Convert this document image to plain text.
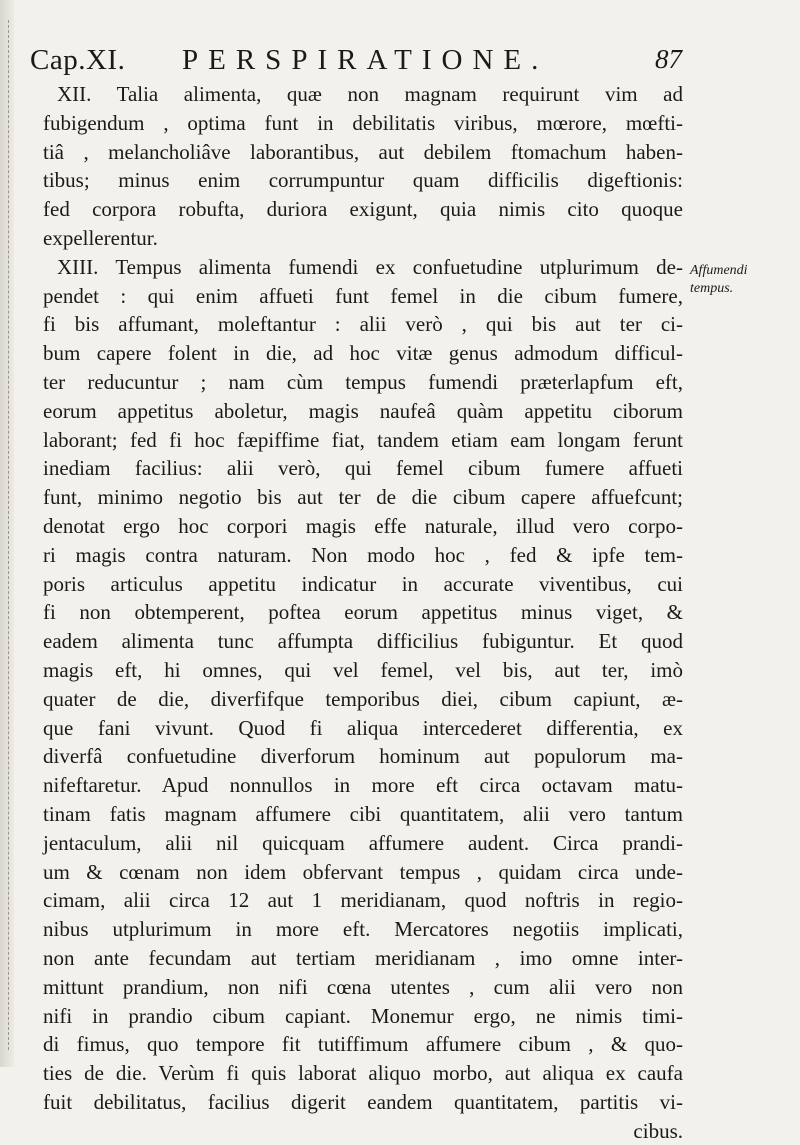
Cap.XI. PERSPIRATIONE.	87
Affumendi
tempus.
XII. Talia alimenta, quæ non magnam requirunt vim ad
fubigendum , optima funt in debilitatis viribus, mœrore, mœfti-
tiâ , melancholiâve laborantibus, aut debilem ftomachum haben-
tibus; minus enim corrumpuntur quam difficilis digeftionis:
fed corpora robufta, duriora exigunt, quia nimis cito quoque
expellerentur.
XIII. Tempus alimenta fumendi ex confuetudine utplurimum de-
pendet : qui enim affueti funt femel in die cibum fumere,
fi bis affumant, moleftantur : alii verò , qui bis aut ter ci-
bum capere folent in die, ad hoc vitæ genus admodum difficul-
ter reducuntur ; nam cùm tempus fumendi præterlapfum eft,
eorum appetitus aboletur, magis naufeâ quàm appetitu ciborum
laborant; fed fi hoc fæpiffime fiat, tandem etiam eam longam ferunt
inediam facilius: alii verò, qui femel cibum fumere affueti
funt, minimo negotio bis aut ter de die cibum capere affuefcunt;
denotat ergo hoc corpori magis effe naturale, illud vero corpo-
ri magis contra naturam. Non modo hoc , fed & ipfe tem-
poris articulus appetitu indicatur in accurate viventibus, cui
fi non obtemperent, poftea eorum appetitus minus viget, &
eadem alimenta tunc affumpta difficilius fubiguntur. Et quod
magis eft, hi omnes, qui vel femel, vel bis, aut ter, imò
quater de die, diverfifque temporibus diei, cibum capiunt, æ-
que fani vivunt. Quod fi aliqua intercederet differentia, ex
diverfâ confuetudine diverforum hominum aut populorum ma-
nifeftaretur. Apud nonnullos in more eft circa octavam matu-
tinam fatis magnam affumere cibi quantitatem, alii vero tantum
jentaculum, alii nil quicquam affumere audent. Circa prandi-
um & cœnam non idem obfervant tempus , quidam circa unde-
cimam, alii circa 12 aut 1 meridianam, quod noftris in regio-
nibus utplurimum in more eft. Mercatores negotiis implicati,
non ante fecundam aut tertiam meridianam , imo omne inter-
mittunt prandium, non nifi cœna utentes , cum alii vero non
nifi in prandio cibum capiant. Monemur ergo, ne nimis timi-
di fimus, quo tempore fit tutiffimum affumere cibum , & quo-
ties de die. Verùm fi quis laborat aliquo morbo, aut aliqua ex caufa
fuit debilitatus, facilius digerit eandem quantitatem, partitis vi-
cibus.
